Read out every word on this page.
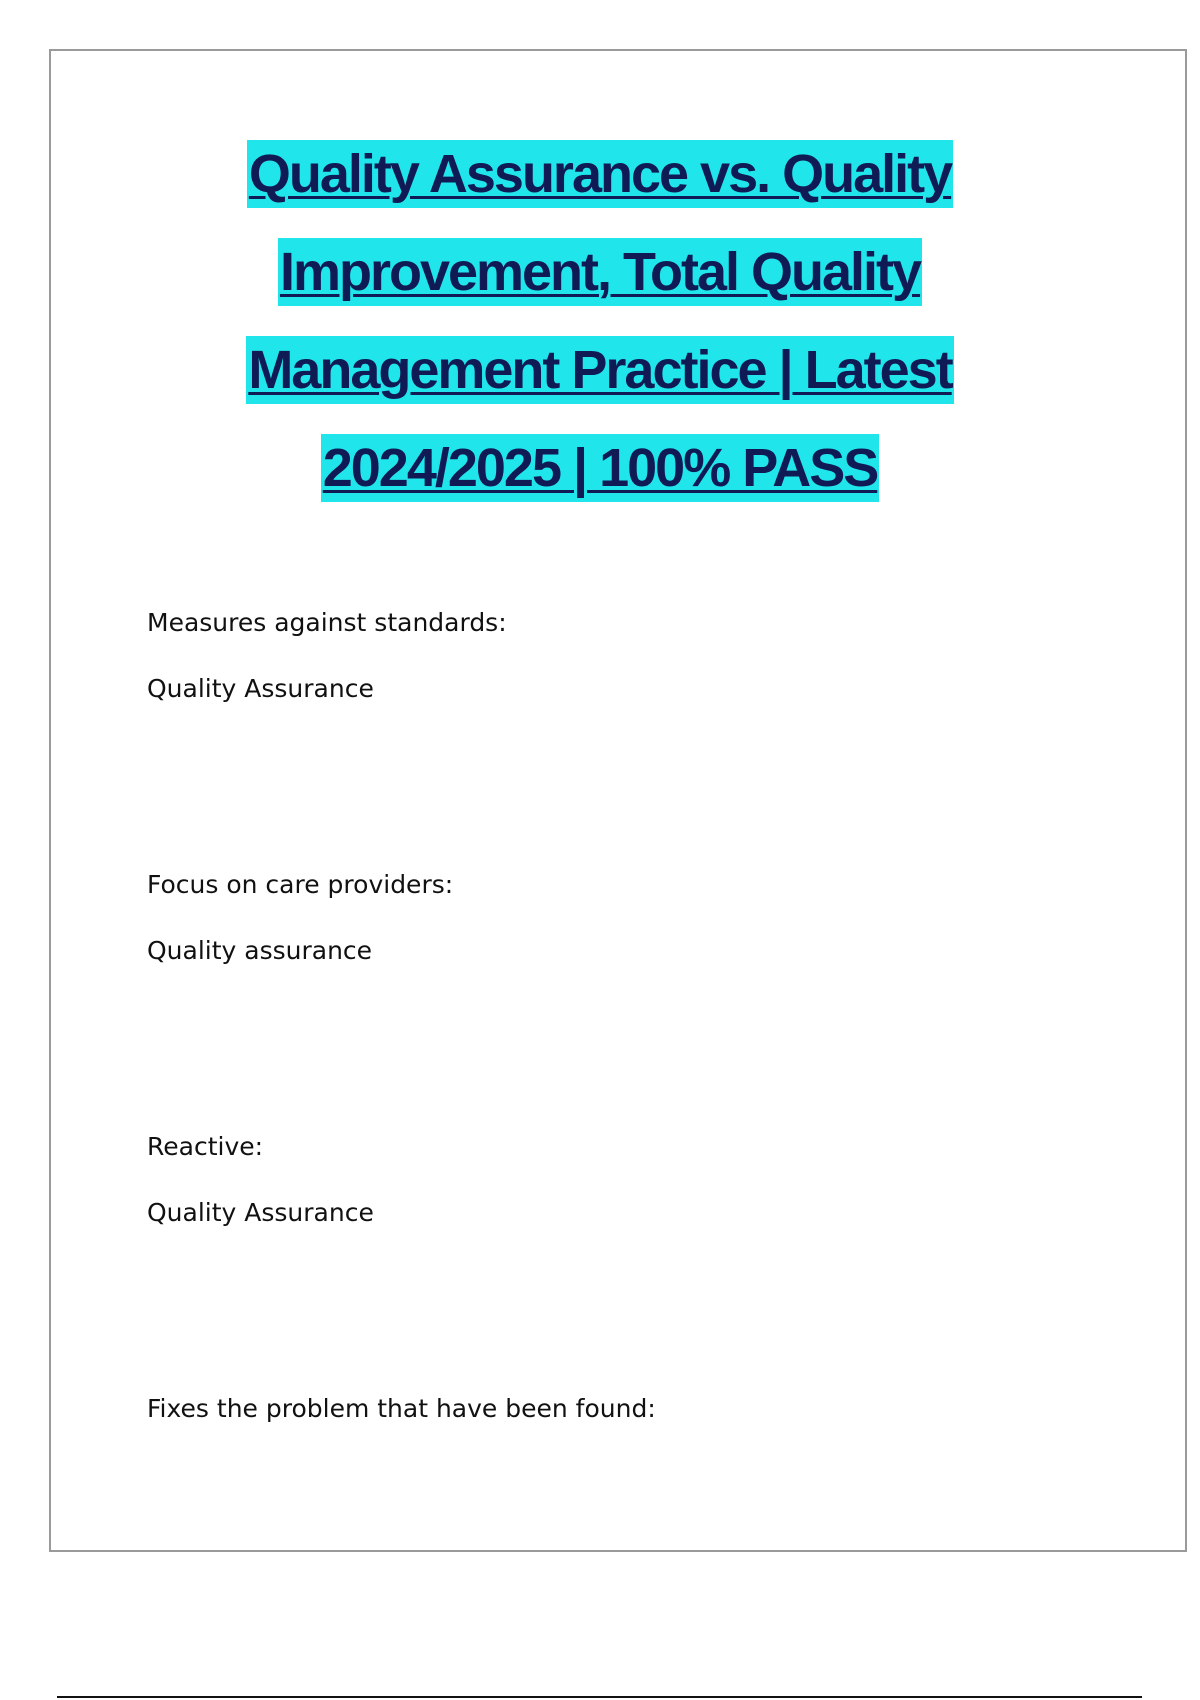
Quality Assurance vs. Quality
Improvement, Total Quality
Management Practice | Latest
2024/2025 | 100% PASS

Measures against standards:

Quality Assurance

Focus on care providers:

Quality assurance

Reactive:

Quality Assurance

Fixes the problem that have been found:
